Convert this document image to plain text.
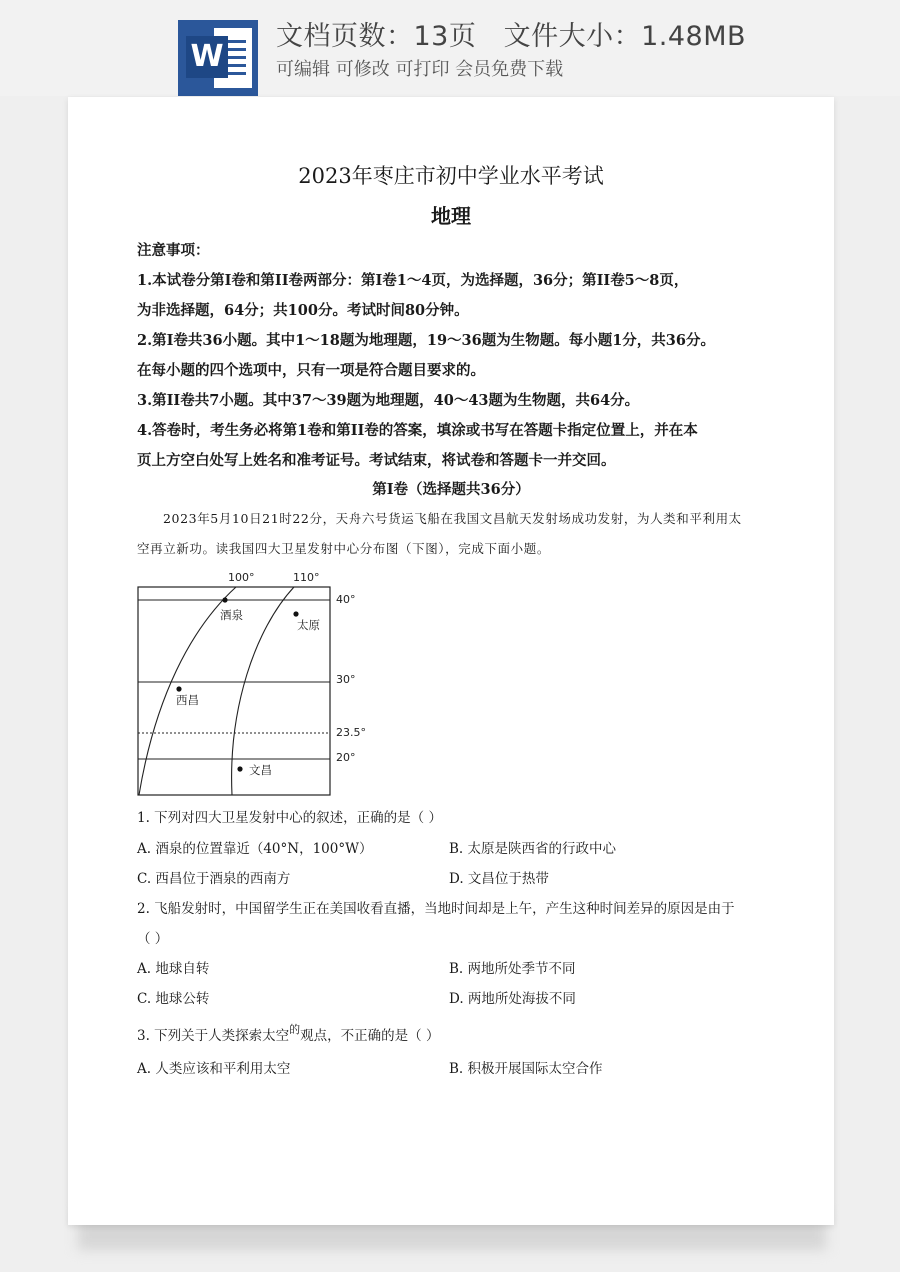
W
文档页数：13页   文件大小：1.48MB
可编辑 可修改 可打印 会员免费下载
2023年枣庄市初中学业水平考试
地理
注意事项：
1.本试卷分第I卷和第II卷两部分：第I卷1～4页，为选择题，36分；第II卷5～8页，
为非选择题，64分；共100分。考试时间80分钟。
2.第I卷共36小题。其中1～18题为地理题，19～36题为生物题。每小题1分，共36分。
在每小题的四个选项中，只有一项是符合题目要求的。
3.第II卷共7小题。其中37～39题为地理题，40～43题为生物题，共64分。
4.答卷时，考生务必将第1卷和第II卷的答案，填涂或书写在答题卡指定位置上，并在本
页上方空白处写上姓名和准考证号。考试结束，将试卷和答题卡一并交回。
第I卷（选择题共36分）
2023年5月10日21时22分，天舟六号货运飞船在我国文昌航天发射场成功发射，为人类和平利用太
空再立新功。读我国四大卫星发射中心分布图（下图），完成下面小题。
100°	110°
40°
30°
23.5°
20°
酒泉
太原
西昌
文昌
1. 下列对四大卫星发射中心的叙述，正确的是（ ）
A. 酒泉的位置靠近（40°N，100°W）	B. 太原是陕西省的行政中心
C. 西昌位于酒泉的西南方	D. 文昌位于热带
2. 飞船发射时，中国留学生正在美国收看直播，当地时间却是上午，产生这种时间差异的原因是由于
（ ）
A. 地球自转	B. 两地所处季节不同
C. 地球公转	D. 两地所处海拔不同
3. 下列关于人类探索太空$^的$观点，不正确的是（ ）
A. 人类应该和平利用太空	B. 积极开展国际太空合作
